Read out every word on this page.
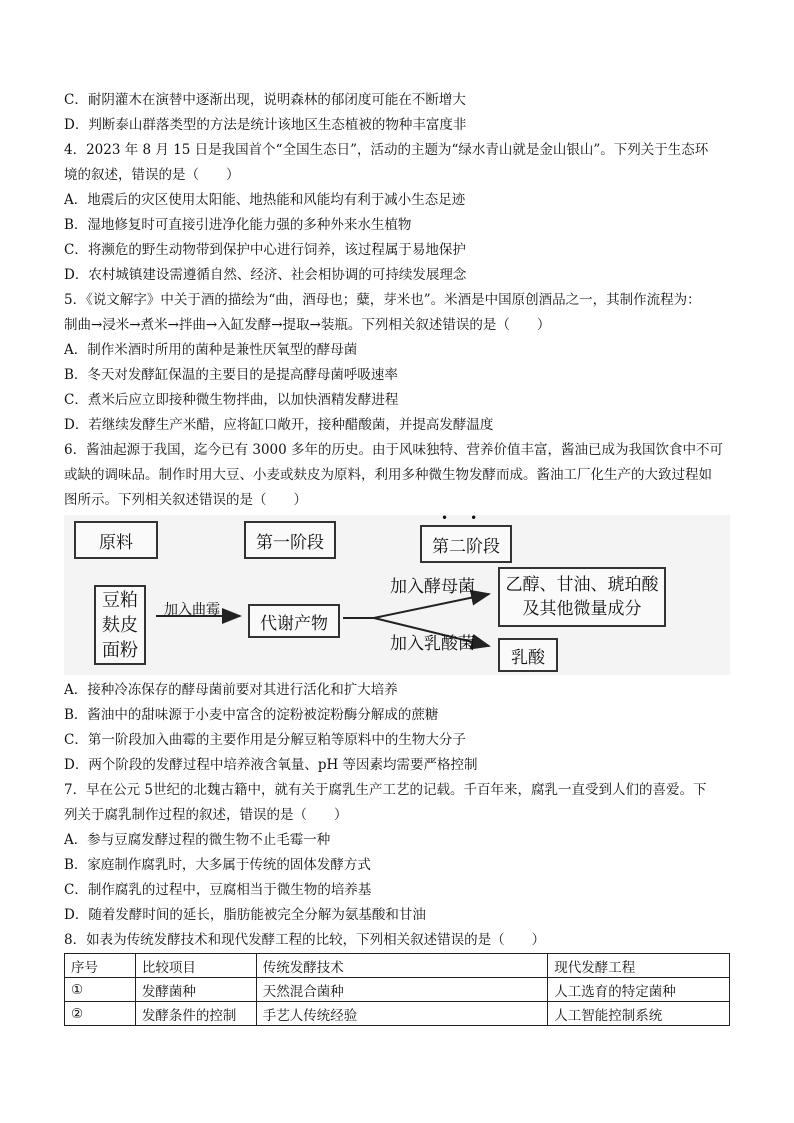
C．耐阴灌木在演替中逐渐出现，说明森林的郁闭度可能在不断增大
D．判断泰山群落类型的方法是统计该地区生态植被的物种丰富度非
4．2023 年 8 月 15 日是我国首个“全国生态日”，活动的主题为“绿水青山就是金山银山”。下列关于生态环
境的叙述，错误的是（　　）
A．地震后的灾区使用太阳能、地热能和风能均有利于减小生态足迹
B．湿地修复时可直接引进净化能力强的多种外来水生植物
C．将濒危的野生动物带到保护中心进行饲养，该过程属于易地保护
D．农村城镇建设需遵循自然、经济、社会相协调的可持续发展理念
5．《说文解字》中关于酒的描绘为“曲，酒母也；糵，芽米也”。米酒是中国原创酒品之一，其制作流程为：
制曲→浸米→煮米→拌曲→入缸发酵→提取→装瓶。下列相关叙述错误的是（　　）
A．制作米酒时所用的菌种是兼性厌氧型的酵母菌
B．冬天对发酵缸保温的主要目的是提高酵母菌呼吸速率
C．煮米后应立即接种微生物拌曲，以加快酒精发酵进程
D．若继续发酵生产米醋，应将缸口敞开，接种醋酸菌，并提高发酵温度
6．酱油起源于我国，迄今已有 3000 多年的历史。由于风味独特、营养价值丰富，酱油已成为我国饮食中不可
或缺的调味品。制作时用大豆、小麦或麸皮为原料，利用多种微生物发酵而成。酱油工厂化生产的大致过程如
图所示。下列相关叙述错误的是（　　）
原料	第一阶段
••
第二阶段
豆粕
麸皮
面粉
加入曲霉
代谢产物
加入酵母菌
加入乳酸菌
乙醇、甘油、琥珀酸
及其他微量成分
乳酸
A．接种冷冻保存的酵母菌前要对其进行活化和扩大培养
B．酱油中的甜味源于小麦中富含的淀粉被淀粉酶分解成的蔗糖
C．第一阶段加入曲霉的主要作用是分解豆粕等原料中的生物大分子
D．两个阶段的发酵过程中培养液含氧量、pH 等因素均需要严格控制
7．早在公元 5世纪的北魏古籍中，就有关于腐乳生产工艺的记载。千百年来，腐乳一直受到人们的喜爱。下
列关于腐乳制作过程的叙述，错误的是（　　）
A．参与豆腐发酵过程的微生物不止毛霉一种
B．家庭制作腐乳时，大多属于传统的固体发酵方式
C．制作腐乳的过程中，豆腐相当于微生物的培养基
D．随着发酵时间的延长，脂肪能被完全分解为氨基酸和甘油
8．如表为传统发酵技术和现代发酵工程的比较，下列相关叙述错误的是（　　）
序号	比较项目	传统发酵技术	现代发酵工程
①	发酵菌种	天然混合菌种	人工选育的特定菌种
②	发酵条件的控制	手艺人传统经验	人工智能控制系统
